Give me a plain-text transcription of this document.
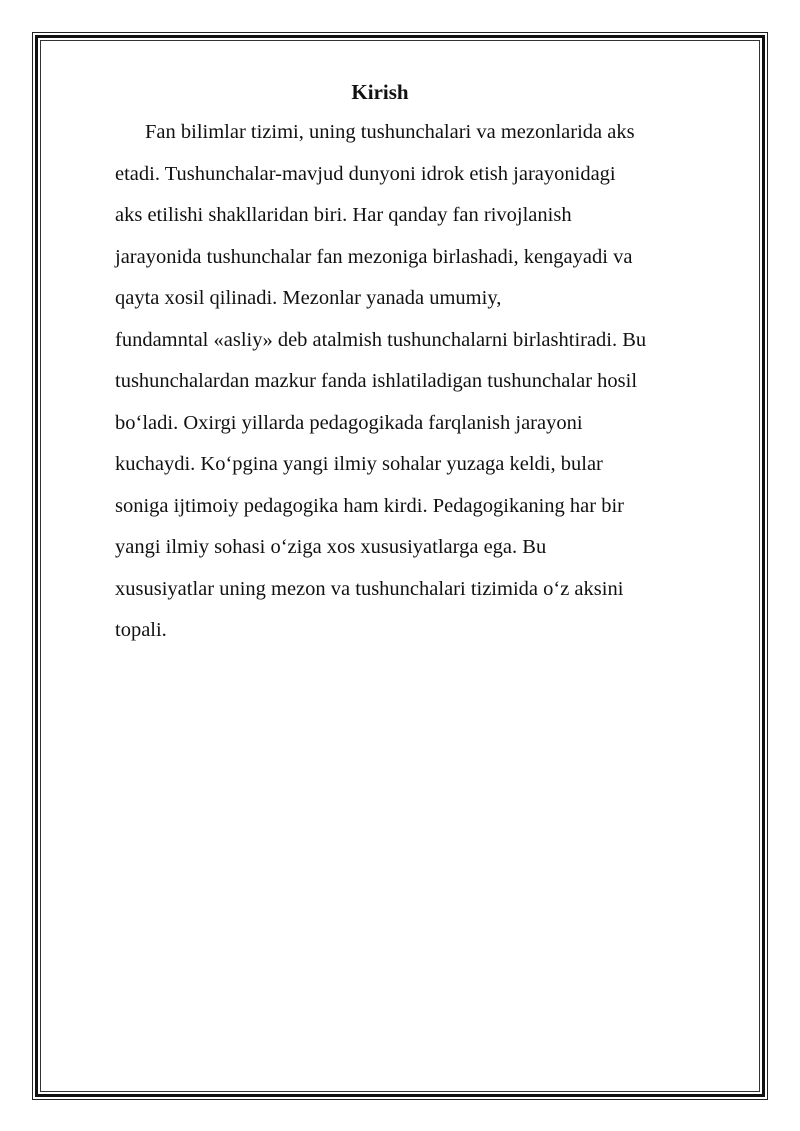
Kirish

Fan bilimlar tizimi, uning tushunchalari va mezonlarida aks
etadi. Tushunchalar-mavjud dunyoni idrok etish jarayonidagi
aks etilishi shakllaridan biri. Har qanday fan rivojlanish
jarayonida tushunchalar fan mezoniga birlashadi, kengayadi va
qayta xosil qilinadi. Mezonlar yanada umumiy,
fundamntal «asliy» deb atalmish tushunchalarni birlashtiradi. Bu
tushunchalardan mazkur fanda ishlatiladigan tushunchalar hosil
bo‘ladi. Oxirgi yillarda pedagogikada farqlanish jarayoni
kuchaydi. Ko‘pgina yangi ilmiy sohalar yuzaga keldi, bular
soniga ijtimoiy pedagogika ham kirdi. Pedagogikaning har bir
yangi ilmiy sohasi o‘ziga xos xususiyatlarga ega. Bu
xususiyatlar uning mezon va tushunchalari tizimida o‘z aksini
topali.
